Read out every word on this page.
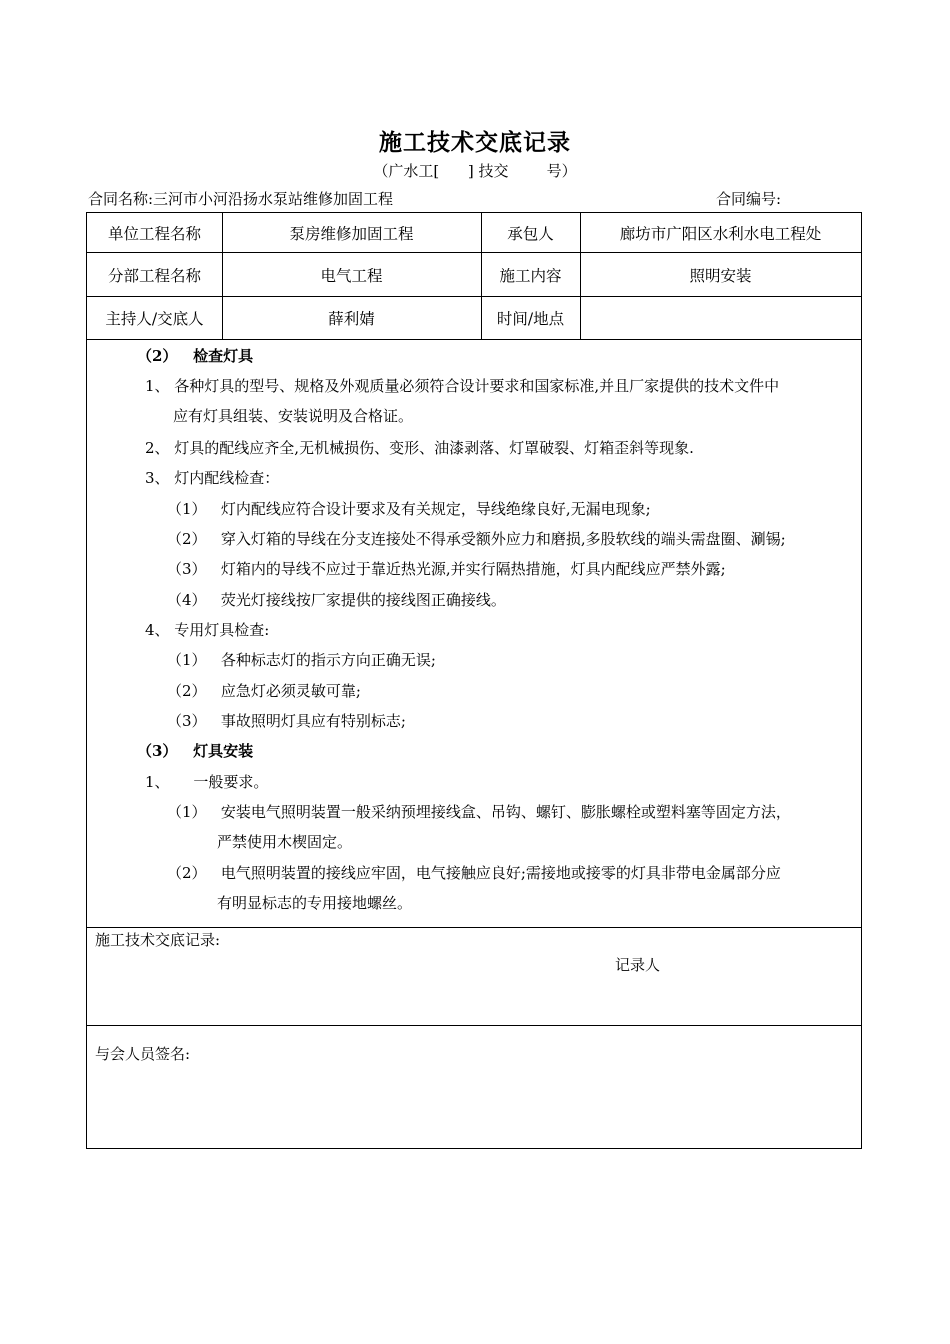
施工技术交底记录
（广水工[      ] 技交        号）
合同名称:三河市小河沿扬水泵站维修加固工程	合同编号:
单位工程名称	泵房维修加固工程	承包人	廊坊市广阳区水利水电工程处
分部工程名称	电气工程	施工内容	照明安装
主持人/交底人	薛利婧	时间/地点
（2）   检查灯具
1、 各种灯具的型号、规格及外观质量必须符合设计要求和国家标准,并且厂家提供的技术文件中
应有灯具组装、安装说明及合格证。
2、 灯具的配线应齐全,无机械损伤、变形、油漆剥落、灯罩破裂、灯箱歪斜等现象.
3、 灯内配线检查：
（1）   灯内配线应符合设计要求及有关规定，导线绝缘良好,无漏电现象;
（2）   穿入灯箱的导线在分支连接处不得承受额外应力和磨损,多股软线的端头需盘圈、涮锡;
（3）   灯箱内的导线不应过于靠近热光源,并实行隔热措施，灯具内配线应严禁外露;
（4）   荧光灯接线按厂家提供的接线图正确接线。
4、 专用灯具检查:
（1）   各种标志灯的指示方向正确无误;
（2）   应急灯必须灵敏可靠;
（3）   事故照明灯具应有特别标志;
（3）   灯具安装
1、     一般要求。
（1）   安装电气照明装置一般采纳预埋接线盒、吊钩、螺钉、膨胀螺栓或塑料塞等固定方法，
严禁使用木楔固定。
（2）   电气照明装置的接线应牢固，电气接触应良好;需接地或接零的灯具非带电金属部分应
有明显标志的专用接地螺丝。
施工技术交底记录:
记录人
与会人员签名:
